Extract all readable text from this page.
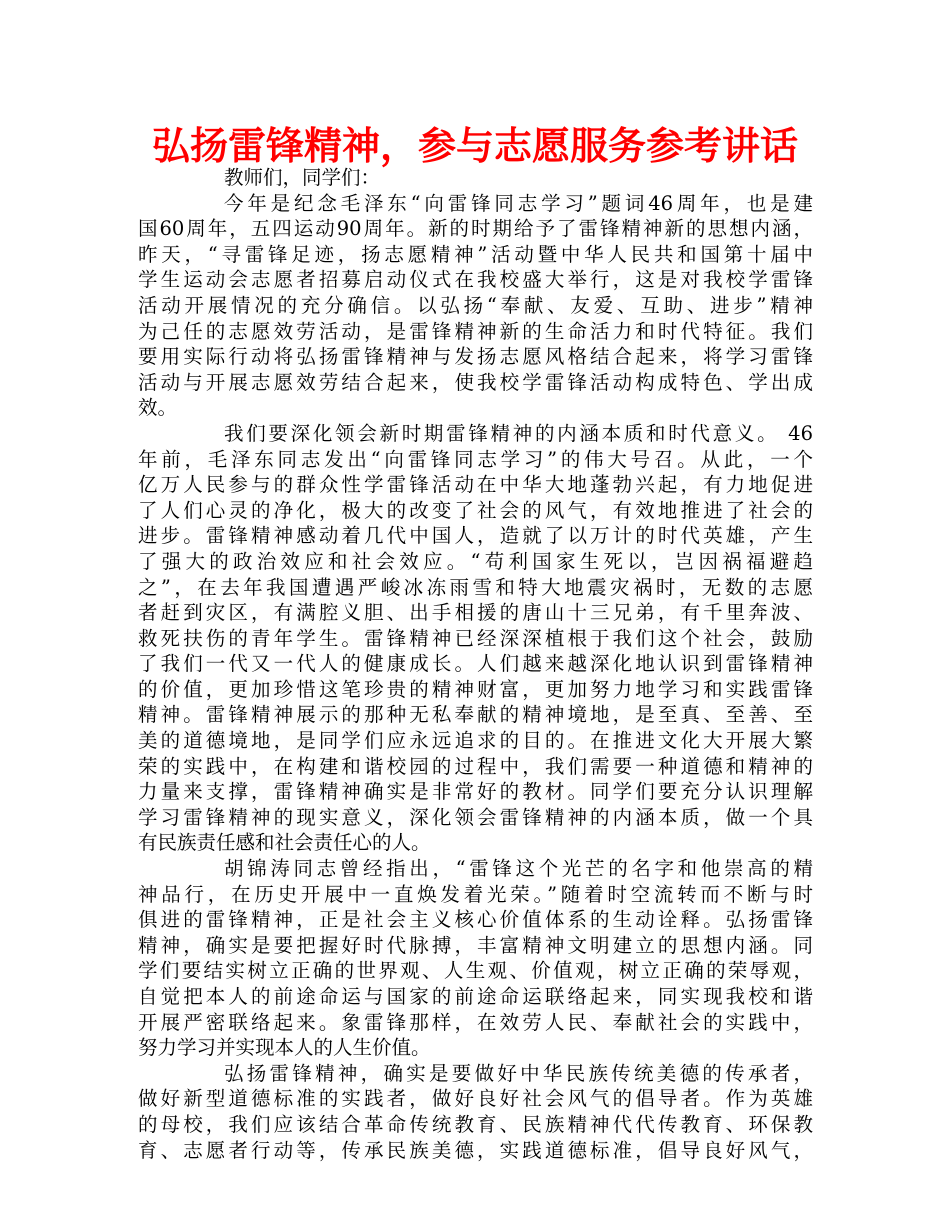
弘扬雷锋精神，参与志愿服务参考讲话
教师们，同学们：
今年是纪念毛泽东“向雷锋同志学习”题词46周年，也是建
国60周年，五四运动90周年。新的时期给予了雷锋精神新的思想内涵，
昨天，“寻雷锋足迹，扬志愿精神”活动暨中华人民共和国第十届中
学生运动会志愿者招募启动仪式在我校盛大举行，这是对我校学雷锋
活动开展情况的充分确信。以弘扬“奉献、友爱、互助、进步”精神
为己任的志愿效劳活动，是雷锋精神新的生命活力和时代特征。我们
要用实际行动将弘扬雷锋精神与发扬志愿风格结合起来，将学习雷锋
活动与开展志愿效劳结合起来，使我校学雷锋活动构成特色、学出成
效。
我们要深化领会新时期雷锋精神的内涵本质和时代意义。 46
年前，毛泽东同志发出“向雷锋同志学习”的伟大号召。从此，一个
亿万人民参与的群众性学雷锋活动在中华大地蓬勃兴起，有力地促进
了人们心灵的净化，极大的改变了社会的风气，有效地推进了社会的
进步。雷锋精神感动着几代中国人，造就了以万计的时代英雄，产生
了强大的政治效应和社会效应。“苟利国家生死以，岂因祸福避趋
之”，在去年我国遭遇严峻冰冻雨雪和特大地震灾祸时，无数的志愿
者赶到灾区，有满腔义胆、出手相援的唐山十三兄弟，有千里奔波、
救死扶伤的青年学生。雷锋精神已经深深植根于我们这个社会，鼓励
了我们一代又一代人的健康成长。人们越来越深化地认识到雷锋精神
的价值，更加珍惜这笔珍贵的精神财富，更加努力地学习和实践雷锋
精神。雷锋精神展示的那种无私奉献的精神境地，是至真、至善、至
美的道德境地，是同学们应永远追求的目的。在推进文化大开展大繁
荣的实践中，在构建和谐校园的过程中，我们需要一种道德和精神的
力量来支撑，雷锋精神确实是非常好的教材。同学们要充分认识理解
学习雷锋精神的现实意义，深化领会雷锋精神的内涵本质，做一个具
有民族责任感和社会责任心的人。
胡锦涛同志曾经指出，“雷锋这个光芒的名字和他崇高的精
神品行，在历史开展中一直焕发着光荣。”随着时空流转而不断与时
俱进的雷锋精神，正是社会主义核心价值体系的生动诠释。弘扬雷锋
精神，确实是要把握好时代脉搏，丰富精神文明建立的思想内涵。同
学们要结实树立正确的世界观、人生观、价值观，树立正确的荣辱观，
自觉把本人的前途命运与国家的前途命运联络起来，同实现我校和谐
开展严密联络起来。象雷锋那样，在效劳人民、奉献社会的实践中，
努力学习并实现本人的人生价值。
弘扬雷锋精神，确实是要做好中华民族传统美德的传承者，
做好新型道德标准的实践者，做好良好社会风气的倡导者。作为英雄
的母校，我们应该结合革命传统教育、民族精神代代传教育、环保教
育、志愿者行动等，传承民族美德，实践道德标准，倡导良好风气，
